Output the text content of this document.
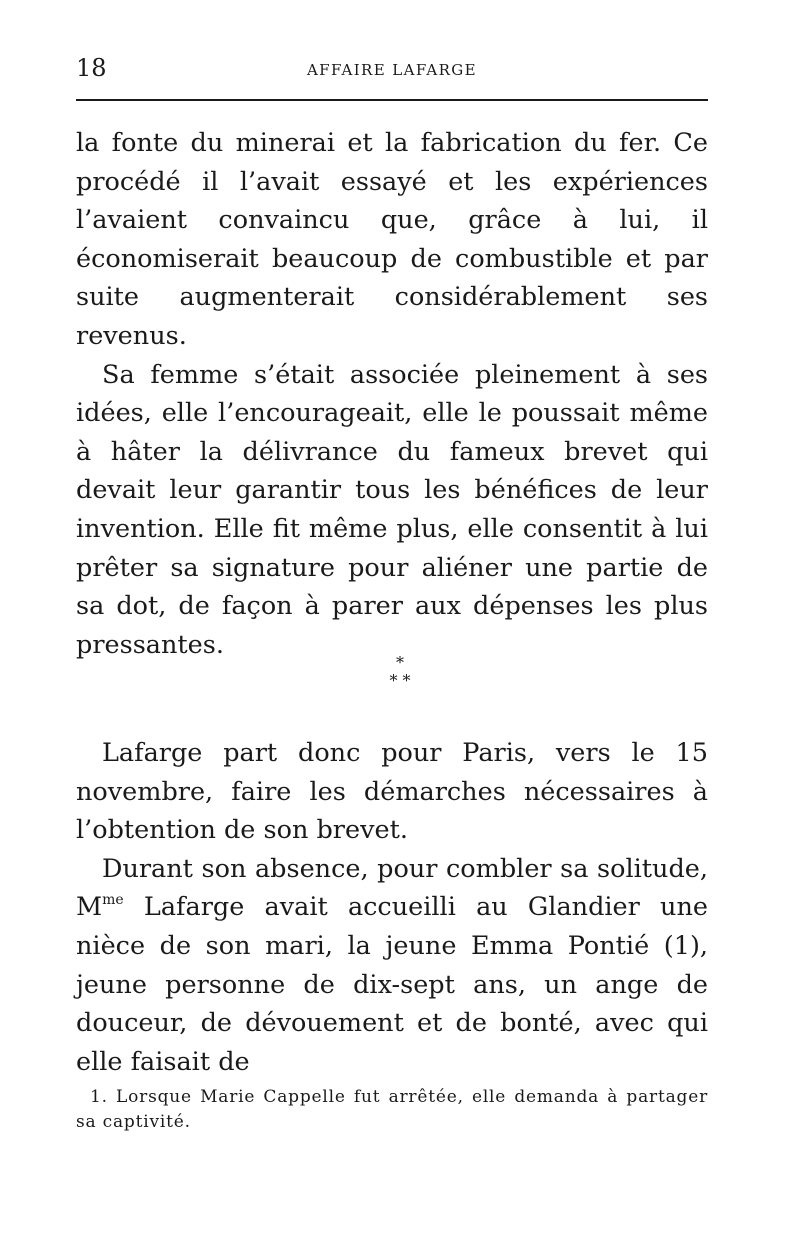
18	AFFAIRE LAFARGE

la fonte du minerai et la fabrication du fer. Ce procédé il l’avait essayé et les expériences l’avaient convaincu que, grâce à lui, il économiserait beaucoup de combustible et par suite augmenterait considérablement ses revenus.

Sa femme s’était associée pleinement à ses idées, elle l’encourageait, elle le poussait même à hâter la délivrance du fameux brevet qui devait leur garantir tous les bénéfices de leur invention. Elle fit même plus, elle consentit à lui prêter sa signature pour aliéner une partie de sa dot, de façon à parer aux dépenses les plus pressantes.

*
* *

Lafarge part donc pour Paris, vers le 15 novembre, faire les démarches nécessaires à l’obtention de son brevet.

Durant son absence, pour combler sa solitude, $M^{me}$ Lafarge avait accueilli au Glandier une nièce de son mari, la jeune Emma Pontié (1), jeune personne de dix-sept ans, un ange de douceur, de dévouement et de bonté, avec qui elle faisait de

1. Lorsque Marie Cappelle fut arrêtée, elle demanda à partager sa captivité.
